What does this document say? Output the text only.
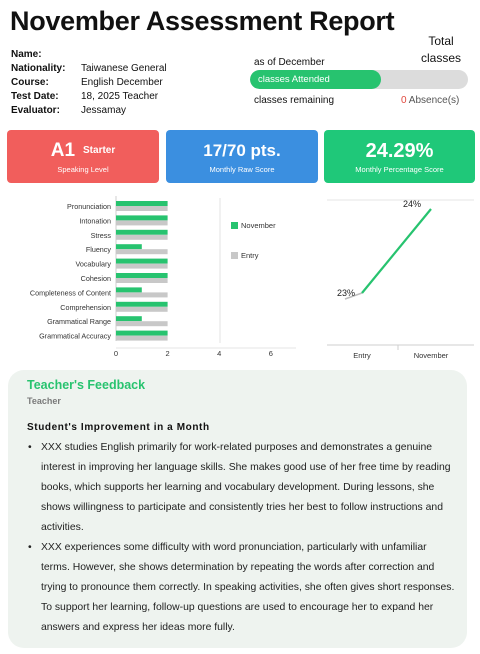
November Assessment Report
Name:
Nationality:	Taiwanese General
Course:	English December
Test Date:	18, 2025 Teacher
Evaluator:	Jessamay
Total classes
as of December
classes Attended
classes remaining	0 Absence(s)
A1 Starter
Speaking Level
17/70 pts.
Monthly Raw Score
24.29%
Monthly Percentage Score
Pronunciation
Intonation
Stress
Fluency
Vocabulary
Cohesion
Completeness of Content
Comprehension
Grammatical Range
Grammatical Accuracy
0	2	4	6
November
Entry
23%
24%
Entry	November
Teacher's Feedback
Teacher
Student's Improvement in a Month
• XXX studies English primarily for work-related purposes and demonstrates a genuine interest in improving her language skills. She makes good use of her free time by reading books, which supports her learning and vocabulary development. During lessons, she shows willingness to participate and consistently tries her best to follow instructions and activities.
• XXX experiences some difficulty with word pronunciation, particularly with unfamiliar terms. However, she shows determination by repeating the words after correction and trying to pronounce them correctly. In speaking activities, she often gives short responses. To support her learning, follow-up questions are used to encourage her to expand her answers and express her ideas more fully.
